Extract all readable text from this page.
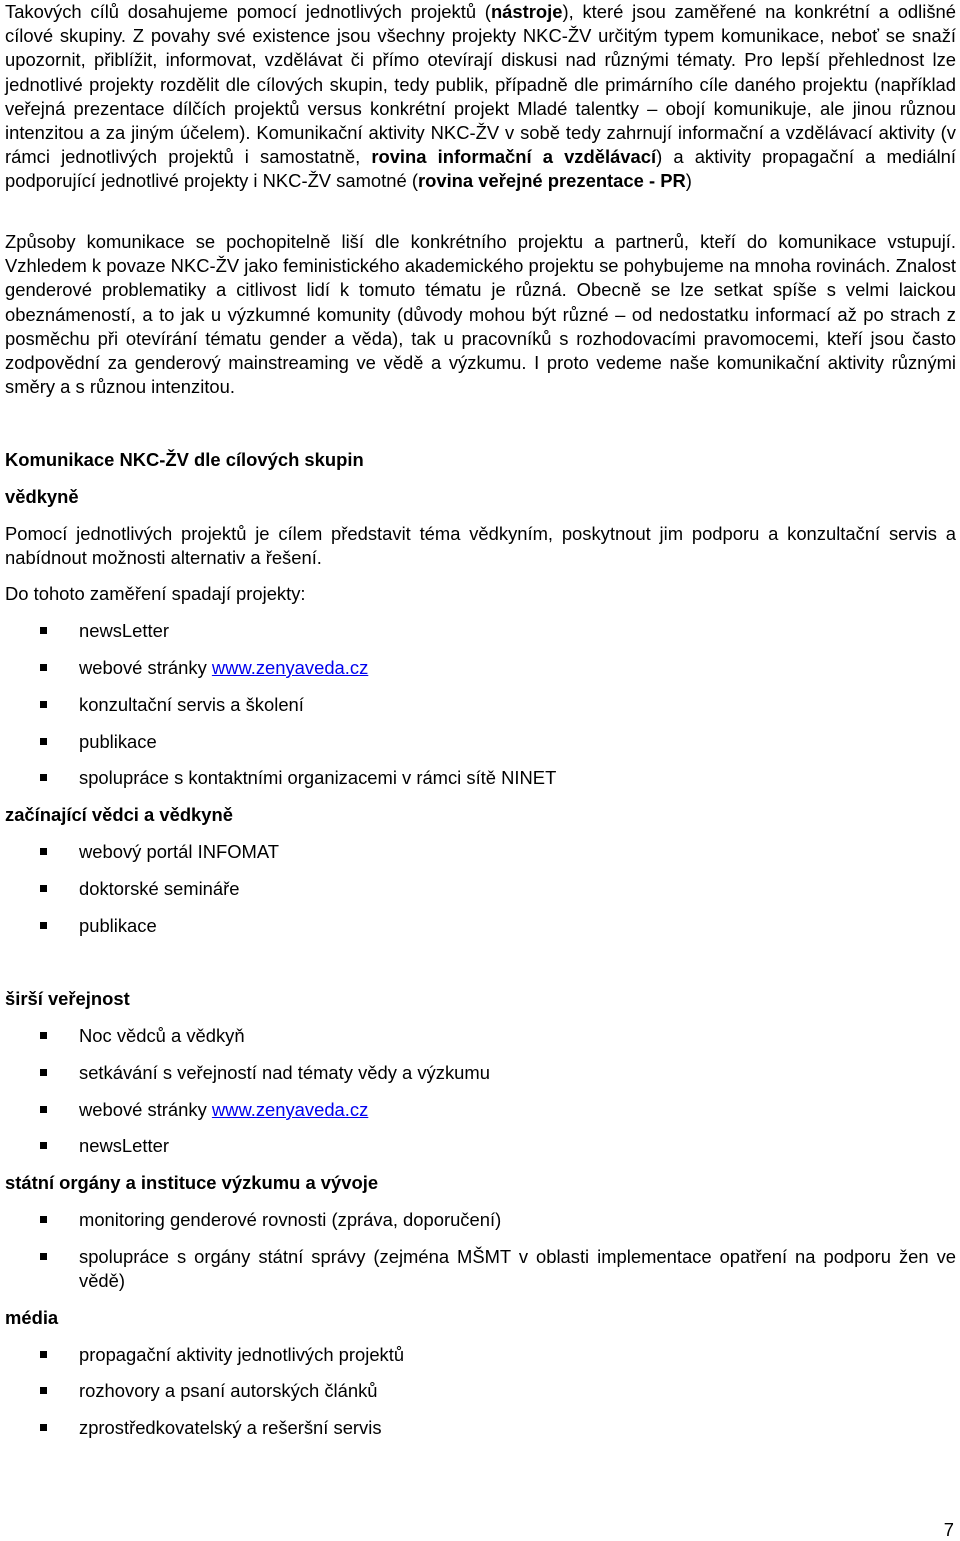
Takových cílů dosahujeme pomocí jednotlivých projektů (nástroje), které jsou zaměřené na konkrétní a odlišné cílové skupiny. Z povahy své existence jsou všechny projekty NKC-ŽV určitým typem komunikace, neboť se snaží upozornit, přiblížit, informovat, vzdělávat či přímo otevírají diskusi nad různými tématy. Pro lepší přehlednost lze jednotlivé projekty rozdělit dle cílových skupin, tedy publik, případně dle primárního cíle daného projektu (například veřejná prezentace dílčích projektů versus konkrétní projekt Mladé talentky – obojí komunikuje, ale jinou různou intenzitou a za jiným účelem). Komunikační aktivity NKC-ŽV v sobě tedy zahrnují informační a vzdělávací aktivity (v rámci jednotlivých projektů i samostatně, rovina informační a vzdělávací) a aktivity propagační a mediální podporující jednotlivé projekty i NKC-ŽV samotné (rovina veřejné prezentace - PR)

Způsoby komunikace se pochopitelně liší dle konkrétního projektu a partnerů, kteří do komunikace vstupují. Vzhledem k povaze NKC-ŽV jako feministického akademického projektu se pohybujeme na mnoha rovinách. Znalost genderové problematiky a citlivost lidí k tomuto tématu je různá. Obecně se lze setkat spíše s velmi laickou obeznámeností, a to jak u výzkumné komunity (důvody mohou být různé – od nedostatku informací až po strach z posměchu při otevírání tématu gender a věda), tak u pracovníků s rozhodovacími pravomocemi, kteří jsou často zodpovědní za genderový mainstreaming ve vědě a výzkumu. I proto vedeme naše komunikační aktivity různými směry a s různou intenzitou.

Komunikace NKC-ŽV dle cílových skupin

vědkyně

Pomocí jednotlivých projektů je cílem představit téma vědkyním, poskytnout jim podporu a konzultační servis a nabídnout možnosti alternativ a řešení.

Do tohoto zaměření spadají projekty:

newsLetter
webové stránky www.zenyaveda.cz
konzultační servis a školení
publikace
spolupráce s kontaktními organizacemi v rámci sítě NINET

začínající vědci a vědkyně

webový portál INFOMAT
doktorské semináře
publikace

širší veřejnost

Noc vědců a vědkyň
setkávání s veřejností nad tématy vědy a výzkumu
webové stránky www.zenyaveda.cz
newsLetter

státní orgány a instituce výzkumu a vývoje

monitoring genderové rovnosti (zpráva, doporučení)
spolupráce s orgány státní správy (zejména MŠMT v oblasti implementace opatření na podporu žen ve vědě)

média

propagační aktivity jednotlivých projektů
rozhovory a psaní autorských článků
zprostředkovatelský a rešeršní servis

7
